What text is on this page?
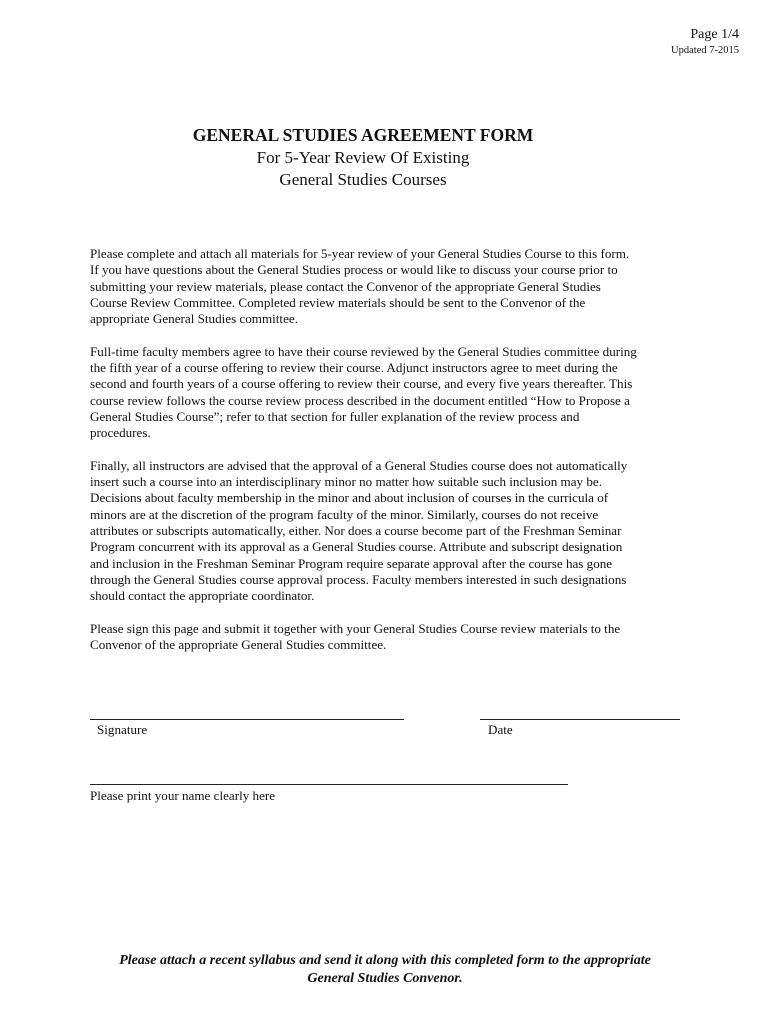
Page 1/4
Updated 7-2015
GENERAL STUDIES AGREEMENT FORM
For 5-Year Review Of Existing
General Studies Courses

Please complete and attach all materials for 5-year review of your General Studies Course to this form. If you have questions about the General Studies process or would like to discuss your course prior to submitting your review materials, please contact the Convenor of the appropriate General Studies Course Review Committee. Completed review materials should be sent to the Convenor of the appropriate General Studies committee.

Full-time faculty members agree to have their course reviewed by the General Studies committee during the fifth year of a course offering to review their course. Adjunct instructors agree to meet during the second and fourth years of a course offering to review their course, and every five years thereafter. This course review follows the course review process described in the document entitled “How to Propose a General Studies Course”; refer to that section for fuller explanation of the review process and procedures.

Finally, all instructors are advised that the approval of a General Studies course does not automatically insert such a course into an interdisciplinary minor no matter how suitable such inclusion may be. Decisions about faculty membership in the minor and about inclusion of courses in the curricula of minors are at the discretion of the program faculty of the minor. Similarly, courses do not receive attributes or subscripts automatically, either. Nor does a course become part of the Freshman Seminar Program concurrent with its approval as a General Studies course. Attribute and subscript designation and inclusion in the Freshman Seminar Program require separate approval after the course has gone through the General Studies course approval process. Faculty members interested in such designations should contact the appropriate coordinator.

Please sign this page and submit it together with your General Studies Course review materials to the Convenor of the appropriate General Studies committee.

Signature	Date
Please print your name clearly here
Please attach a recent syllabus and send it along with this completed form to the appropriate
General Studies Convenor.
